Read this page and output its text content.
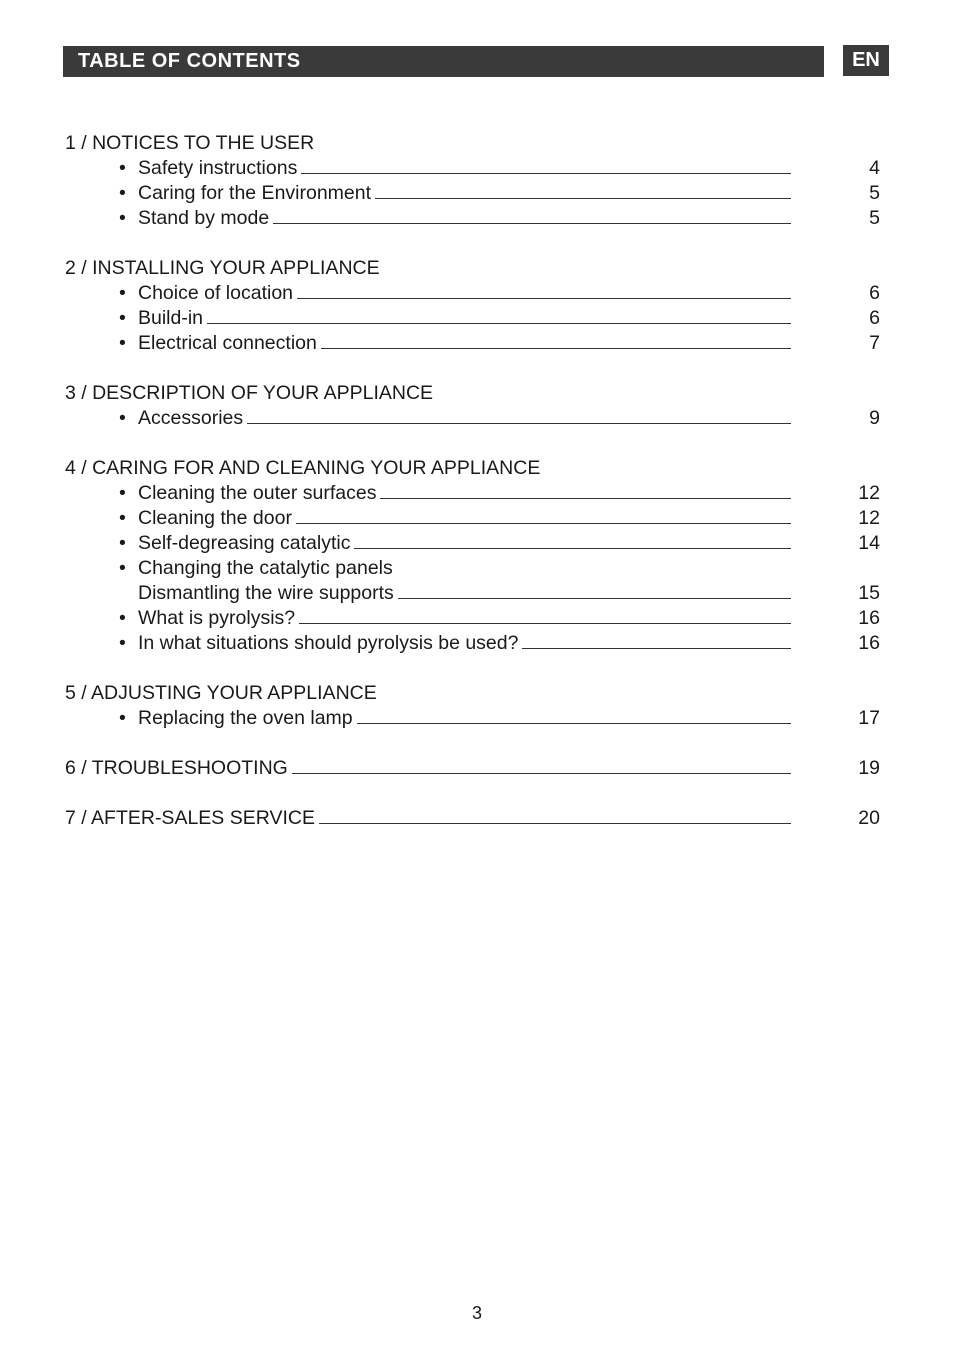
TABLE OF CONTENTS	EN
1 / NOTICES TO THE USER
• Safety instructions	4
• Caring for the Environment	5
• Stand by mode	5
2 / INSTALLING YOUR APPLIANCE
• Choice of location	6
• Build-in	6
• Electrical connection	7
3 / DESCRIPTION OF YOUR APPLIANCE
• Accessories	9
4 / CARING FOR AND CLEANING YOUR APPLIANCE
• Cleaning the outer surfaces	12
• Cleaning the door	12
• Self-degreasing catalytic	14
• Changing the catalytic panels
Dismantling the wire supports	15
• What is pyrolysis?	16
• In what situations should pyrolysis be used?	16
5 / ADJUSTING YOUR APPLIANCE
• Replacing the oven lamp	17
6 / TROUBLESHOOTING	19
7 / AFTER-SALES SERVICE	20
3
